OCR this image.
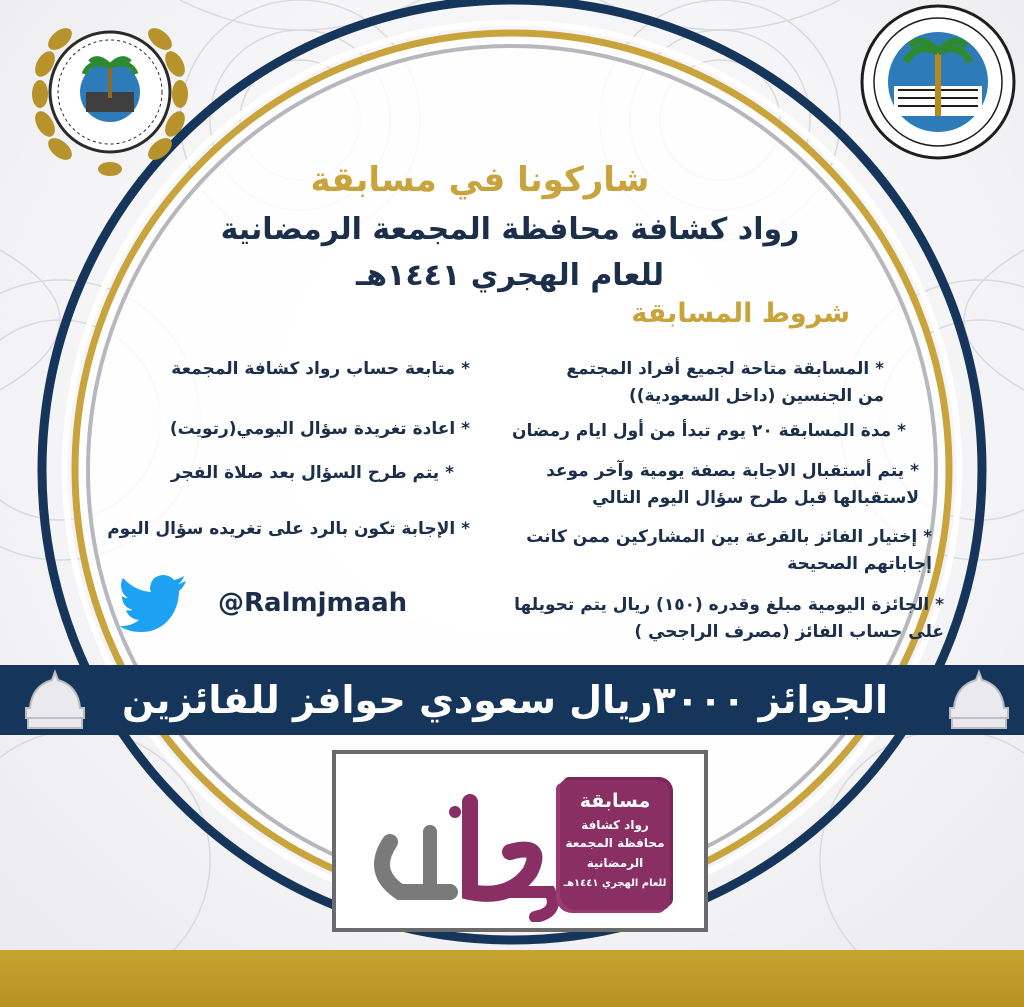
شاركونا في مسابقة
رواد كشافة محافظة المجمعة الرمضانية
للعام الهجري ١٤٤١هـ
شروط المسابقة
* المسابقة متاحة لجميع أفراد المجتمع
من الجنسين (داخل السعودية))
* مدة المسابقة ٢٠ يوم تبدأ من أول ايام رمضان
* يتم أستقبال الاجابة بصفة يومية وآخر موعد
لاستقبالها قبل طرح سؤال اليوم التالي
* إختيار الفائز بالقرعة بين المشاركين ممن كانت
إجاباتهم الصحيحة
* الجائزة اليومية مبلغ وقدره (١٥٠) ريال يتم تحويلها
على حساب الفائز (مصرف الراجحي )
* متابعة حساب رواد كشافة المجمعة
* اعادة تغريدة سؤال اليومي(رتويت)
* يتم طرح السؤال بعد صلاة الفجر
* الإجابة تكون بالرد على تغريده سؤال اليوم
@Ralmjmaah
الجوائز ٣٠٠٠ريال سعودي حوافز للفائزين
مسابقة
رواد كشافة
محافظة المجمعة
الرمضانية
للعام الهجري ١٤٤١هـ
